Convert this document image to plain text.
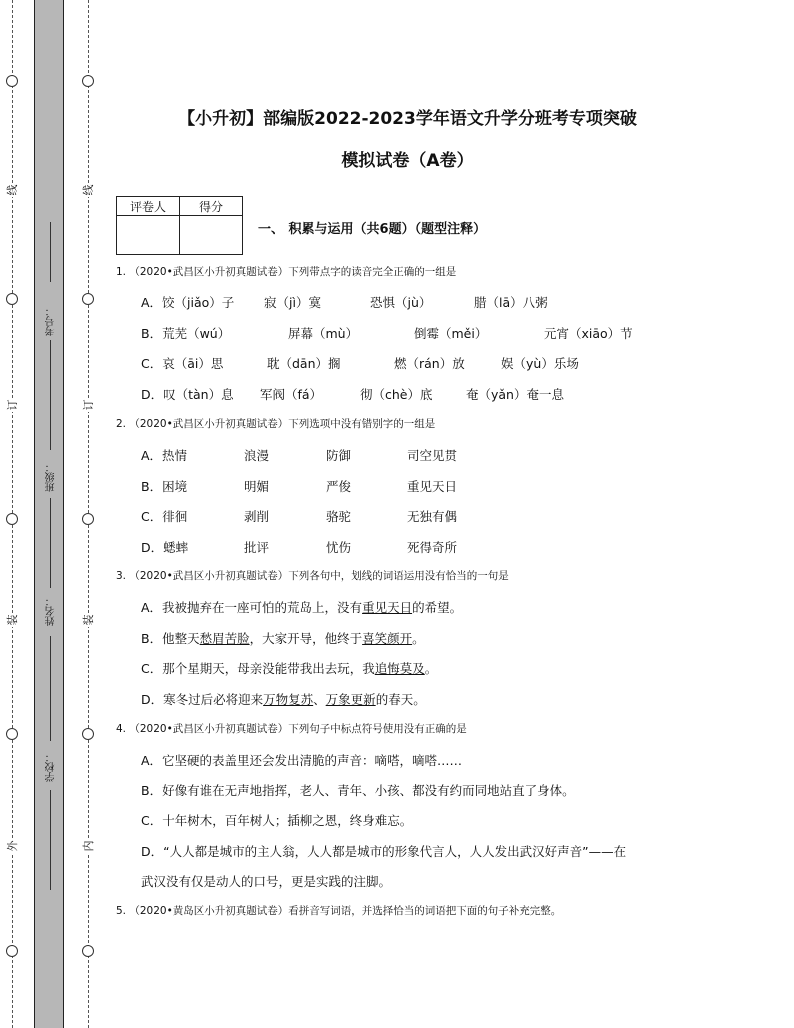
线
订
装
外
线
订
装
内
考号：
班级：
姓名：
学校：
【小升初】部编版2022-2023学年语文升学分班考专项突破
模拟试卷（A卷）
评卷人	得分

一、 积累与运用（共6题）（题型注释）
1. （2020•武昌区小升初真题试卷）下列带点字的读音完全正确的一组是
A．饺（jiǎo）子 寂（jì）寞	恐惧（jù）	腊（lā）八粥
B．荒芜（wú）	屏幕（mù）	倒霉（měi）	元宵（xiāo）节
C．哀（āi）思	耽（dān）搁	燃（rán）放	娱（yù）乐场
D．叹（tàn）息 军阀（fá）	彻（chè）底	奄（yǎn）奄一息
2. （2020•武昌区小升初真题试卷）下列选项中没有错别字的一组是
A．热情	浪漫	防御	司空见贯
B．困境	明媚	严俊	重见天日
C．徘徊	剥削	骆驼	无独有偶
D．蟋蟀	批评	忧伤	死得奇所
3. （2020•武昌区小升初真题试卷）下列各句中，划线的词语运用没有恰当的一句是
A．我被抛弃在一座可怕的荒岛上，没有重见天日的希望。
B．他整天愁眉苦脸，大家开导，他终于喜笑颜开。
C．那个星期天，母亲没能带我出去玩，我追悔莫及。
D．寒冬过后必将迎来万物复苏、万象更新的春天。
4. （2020•武昌区小升初真题试卷）下列句子中标点符号使用没有正确的是
A．它坚硬的表盖里还会发出清脆的声音：嘀嗒，嘀嗒……
B．好像有谁在无声地指挥，老人、青年、小孩、都没有约而同地站直了身体。
C．十年树木，百年树人；插柳之恩，终身难忘。
D．“人人都是城市的主人翁，人人都是城市的形象代言人，人人发出武汉好声音”——在
武汉没有仅是动人的口号，更是实践的注脚。
5. （2020•黄岛区小升初真题试卷）看拼音写词语，并选择恰当的词语把下面的句子补充完整。
